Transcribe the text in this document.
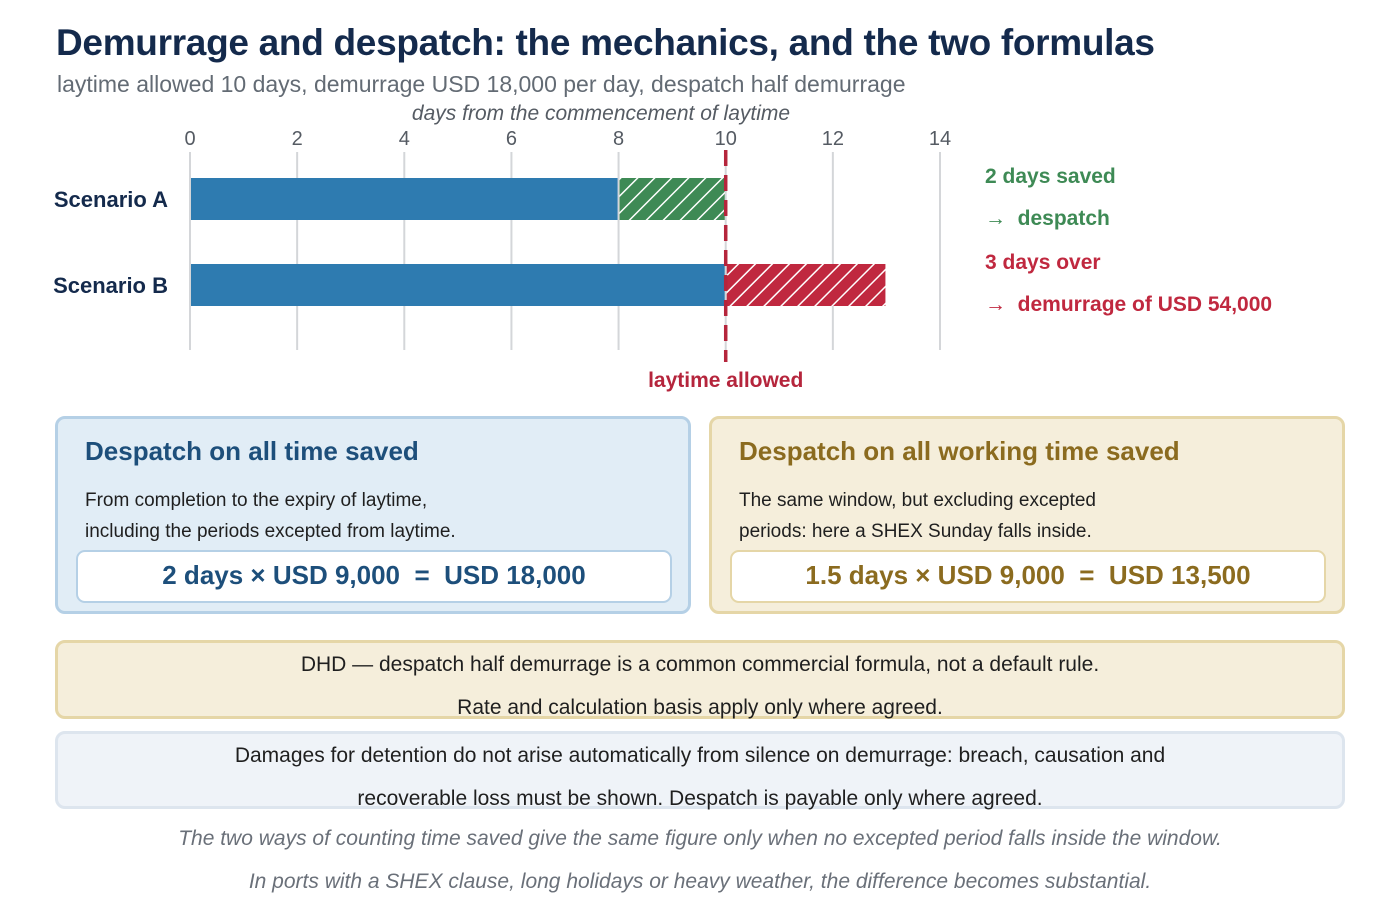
Demurrage and despatch: the mechanics, and the two formulas
laytime allowed 10 days, demurrage USD 18,000 per day, despatch half demurrage
days from the commencement of laytime
0	2	4	6	8	10	12	14
Scenario A
Scenario B
laytime allowed
2 days saved
→  despatch
3 days over
→  demurrage of USD 54,000
Despatch on all time saved

From completion to the expiry of laytime,
including the periods excepted from laytime.

2 days × USD 9,000  =  USD 18,000
Despatch on all working time saved

The same window, but excluding excepted
periods: here a SHEX Sunday falls inside.

1.5 days × USD 9,000  =  USD 13,500
DHD — despatch half demurrage is a common commercial formula, not a default rule.
Rate and calculation basis apply only where agreed.
Damages for detention do not arise automatically from silence on demurrage: breach, causation and
recoverable loss must be shown. Despatch is payable only where agreed.
The two ways of counting time saved give the same figure only when no excepted period falls inside the window.
In ports with a SHEX clause, long holidays or heavy weather, the difference becomes substantial.
